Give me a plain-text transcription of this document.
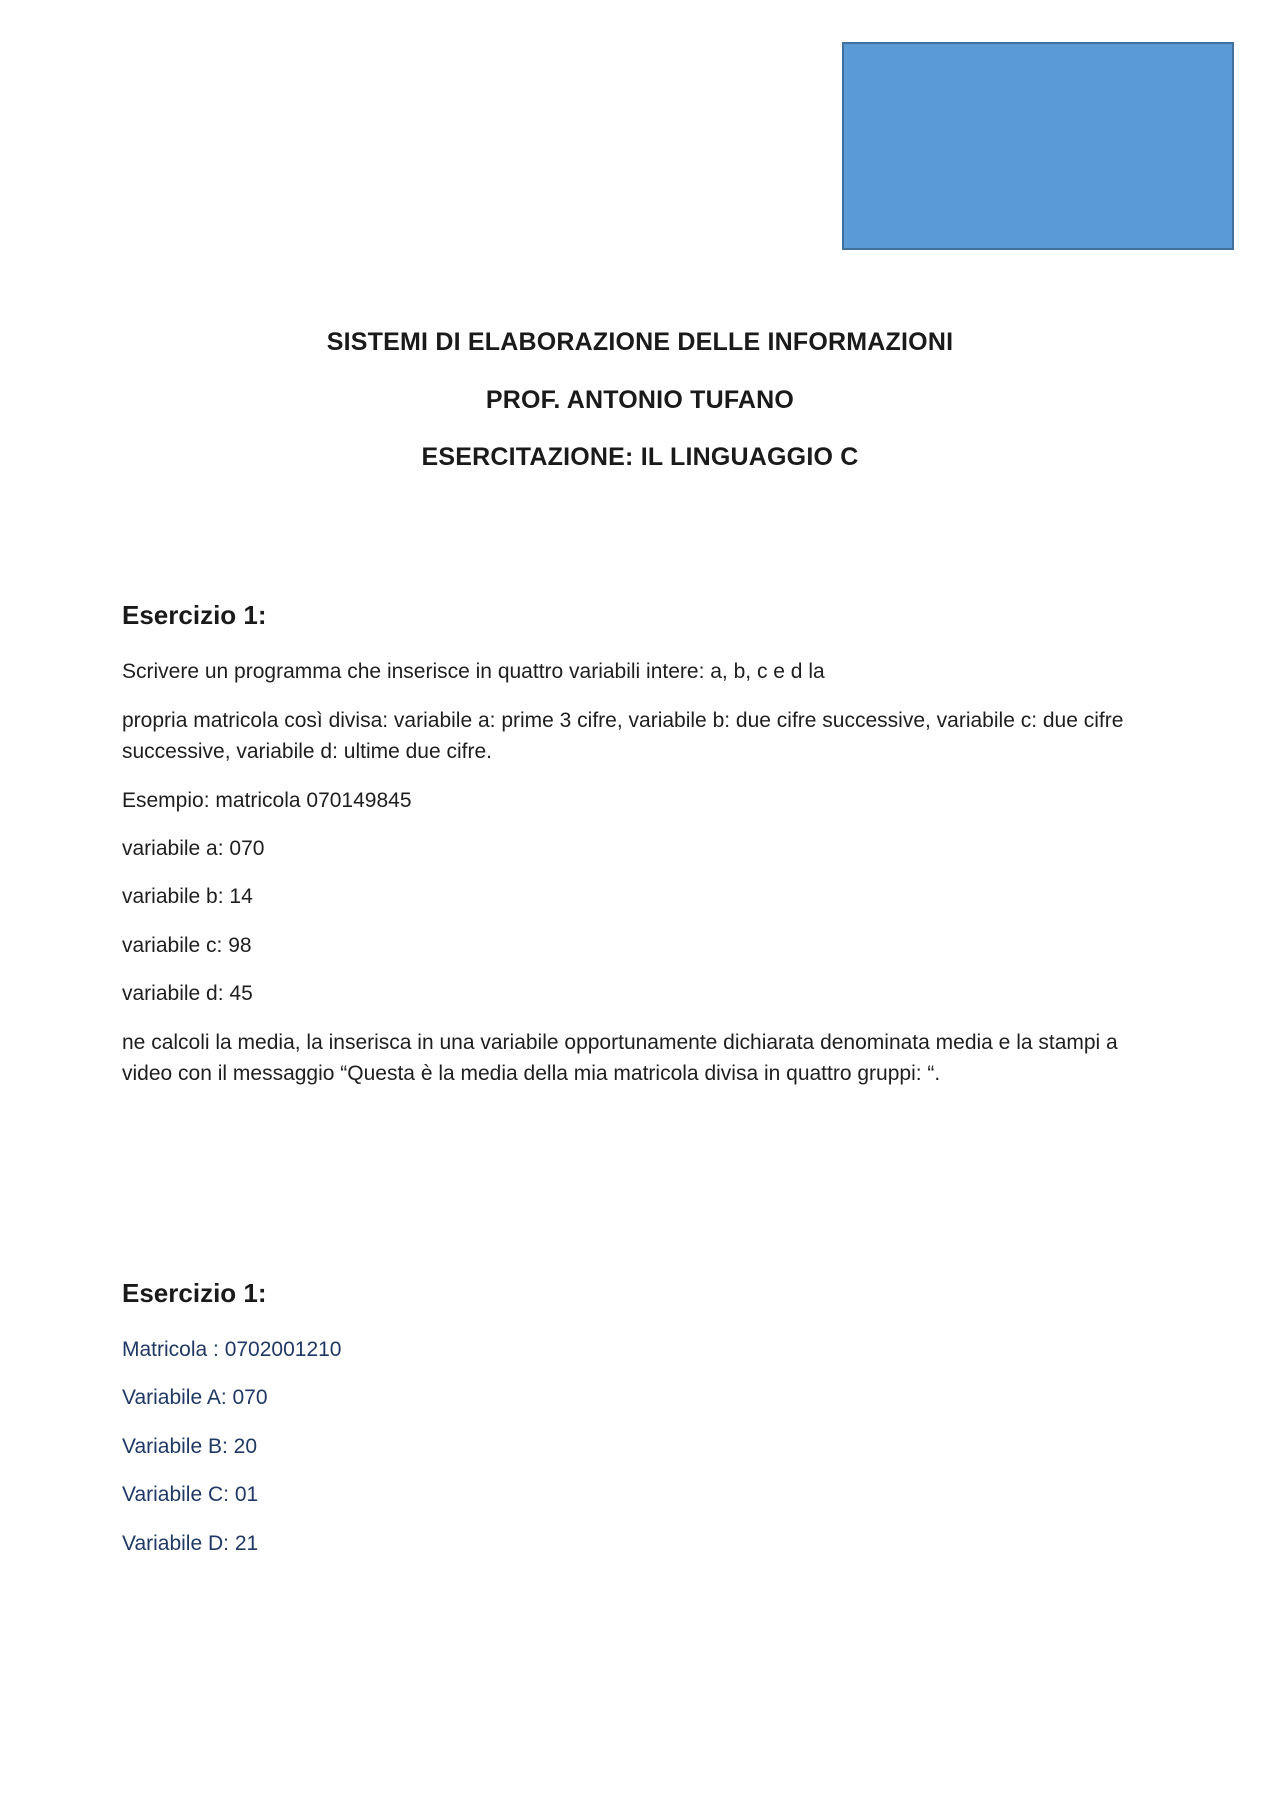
SISTEMI DI ELABORAZIONE DELLE INFORMAZIONI
PROF. ANTONIO TUFANO
ESERCITAZIONE: IL LINGUAGGIO C
Esercizio 1:
Scrivere un programma che inserisce in quattro variabili intere: a, b, c e d la
propria matricola così divisa: variabile a: prime 3 cifre, variabile b: due cifre successive, variabile c: due cifre successive, variabile d: ultime due cifre.
Esempio: matricola 070149845
variabile a: 070
variabile b: 14
variabile c: 98
variabile d: 45
ne calcoli la media, la inserisca in una variabile opportunamente dichiarata denominata media e la stampi a video con il messaggio “Questa è la media della mia matricola divisa in quattro gruppi: “.
Esercizio 1:
Matricola : 0702001210
Variabile A: 070
Variabile B: 20
Variabile C: 01
Variabile D: 21
